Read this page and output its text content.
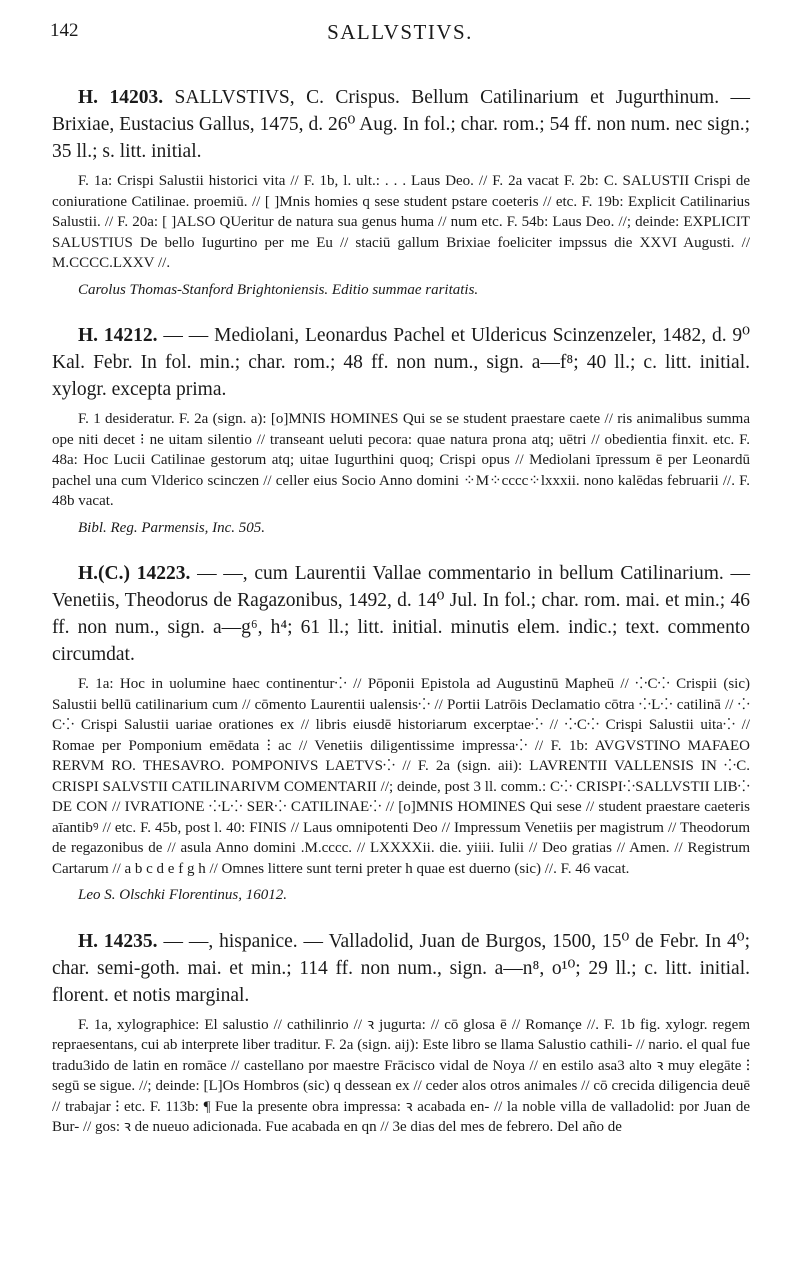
142	SALLVSTIVS.

H. 14203. SALLVSTIVS, C. Crispus. Bellum Catilinarium et Jugurthinum. — Brixiae, Eustacius Gallus, 1475, d. 26⁰ Aug. In fol.; char. rom.; 54 ff. non num. nec sign.; 35 ll.; s. litt. initial.

F. 1a: Crispi Salustii historici vita // F. 1b, l. ult.: . . . Laus Deo. // F. 2a vacat F. 2b: C. SALUSTII Crispi de coniuratione Catilinae. proemiū. // [ ]Mnis homies q sese student pstare coeteris // etc. F. 19b: Explicit Catilinarius Salustii. // F. 20a: [ ]ALSO QUeritur de natura sua genus huma // num etc. F. 54b: Laus Deo. //; deinde: EXPLICIT SALUSTIUS De bello Iugurtino per me Eu // staciū gallum Brixiae foeliciter impssus die XXVI Augusti. // M.CCCC.LXXV //.

Carolus Thomas-Stanford Brightoniensis. Editio summae raritatis.

H. 14212. — — Mediolani, Leonardus Pachel et Uldericus Scinzenzeler, 1482, d. 9⁰ Kal. Febr. In fol. min.; char. rom.; 48 ff. non num., sign. a—f⁸; 40 ll.; c. litt. initial. xylogr. excepta prima.

F. 1 desideratur. F. 2a (sign. a): [o]MNIS HOMINES Qui se se student praestare caete // ris animalibus summa ope niti decet ⁝ ne uitam silentio // transeant ueluti pecora: quae natura prona atq; uētri // obedientia finxit. etc. F. 48a: Hoc Lucii Catilinae gestorum atq; uitae Iugurthini quoq; Crispi opus // Mediolani īpressum ē per Leonardū pachel una cum Vlderico scinczen // celler eius Socio Anno domini ⁘M⁘cccc⁘lxxxii. nono kalēdas februarii //. F. 48b vacat.

Bibl. Reg. Parmensis, Inc. 505.

H.(C.) 14223. — —, cum Laurentii Vallae commentario in bellum Catilinarium. — Venetiis, Theodorus de Ragazonibus, 1492, d. 14⁰ Jul. In fol.; char. rom. mai. et min.; 46 ff. non num., sign. a—g⁶, h⁴; 61 ll.; litt. initial. minutis elem. indic.; text. commento circumdat.

F. 1a: Hoc in uolumine haec continentur⁘ // Pōponii Epistola ad Augustinū Mapheū // ⁘C⁘ Crispii (sic) Salustii bellū catilinarium cum // cōmento Laurentii ualensis⁘ // Portii Latrōis Declamatio cōtra ⁘L⁘ catilinā // ⁘ C⁘ Crispi Salustii uariae orationes ex // libris eiusdē historiarum excerptae⁘ // ⁘C⁘ Crispi Salustii uita⁘ // Romae per Pomponium emēdata ⁝ ac // Venetiis diligentissime impressa⁘ // F. 1b: AVGVSTINO MAFAEO RERVM RO. THESAVRO. POMPONIVS LAETVS⁘ // F. 2a (sign. aii): LAVRENTII VALLENSIS IN ⁘C. CRISPI SALVSTII CATILINARIVM COMENTARII //; deinde, post 3 ll. comm.: C⁘ CRISPI⁘SALLVSTII LIB⁘ DE CON // IVRATIONE ⁘L⁘ SER⁘ CATILINAE⁘ // [o]MNIS HOMINES Qui sese // student praestare caeteris aīantibꝰ // etc. F. 45b, post l. 40: FINIS // Laus omnipotenti Deo // Impressum Venetiis per magistrum // Theodorum de regazonibus de // asula Anno domini .M.cccc. // LXXXXii. die. yiiii. Iulii // Deo gratias // Amen. // Registrum Cartarum // a b c d e f g h // Omnes littere sunt terni preter h quae est duerno (sic) //. F. 46 vacat.

Leo S. Olschki Florentinus, 16012.

H. 14235. — —, hispanice. — Valladolid, Juan de Burgos, 1500, 15⁰ de Febr. In 4⁰; char. semi-goth. mai. et min.; 114 ff. non num., sign. a—n⁸, o¹⁰; 29 ll.; c. litt. initial. florent. et notis marginal.

F. 1a, xylographice: El salustio // cathilinrio // ꝛ jugurta: // cō glosa ē // Romançe //. F. 1b fig. xylogr. regem repraesentans, cui ab interprete liber traditur. F. 2a (sign. aij): Este libro se llama Salustio cathili- // nario. el qual fue tradu3ido de latin en romāce // castellano por maestre Frācisco vidal de Noya // en estilo asa3 alto ꝛ muy elegāte ⁝ segū se sigue. //; deinde: [L]Os Hombros (sic) q dessean ex // ceder alos otros animales // cō crecida diligencia deuē // trabajar ⁝ etc. F. 113b: ¶ Fue la presente obra impressa: ꝛ acabada en- // la noble villa de valladolid: por Juan de Bur- // gos: ꝛ de nueuo adicionada. Fue acabada en qn // 3e dias del mes de febrero. Del año de
